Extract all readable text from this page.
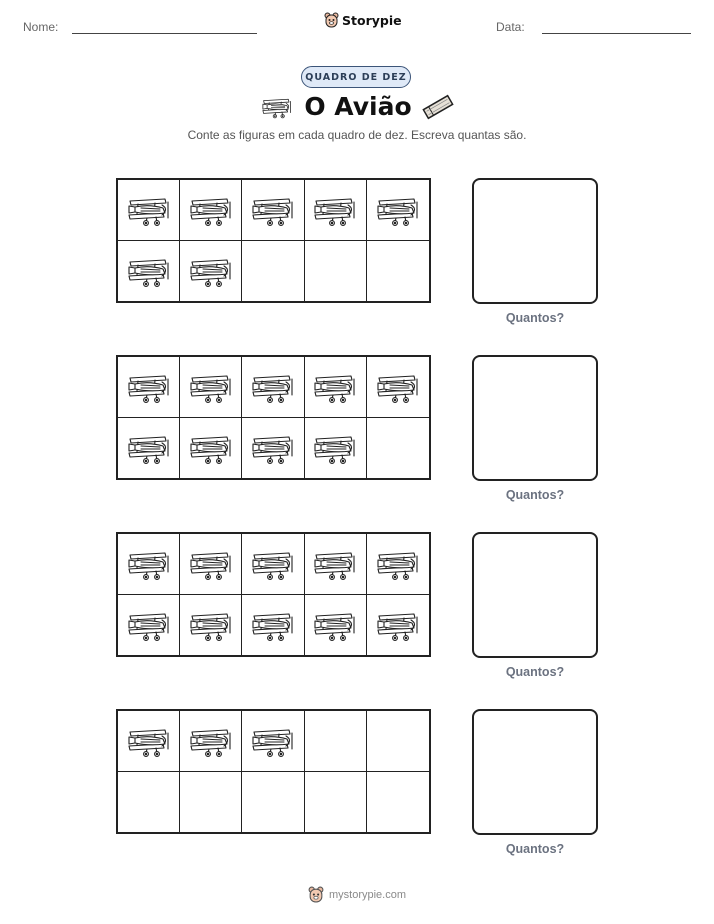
Nome:	Storypie	Data:
QUADRO DE DEZ
O Avião
Conte as figuras em cada quadro de dez. Escreva quantas são.
Quantos?
Quantos?
Quantos?
Quantos?
mystorypie.com
